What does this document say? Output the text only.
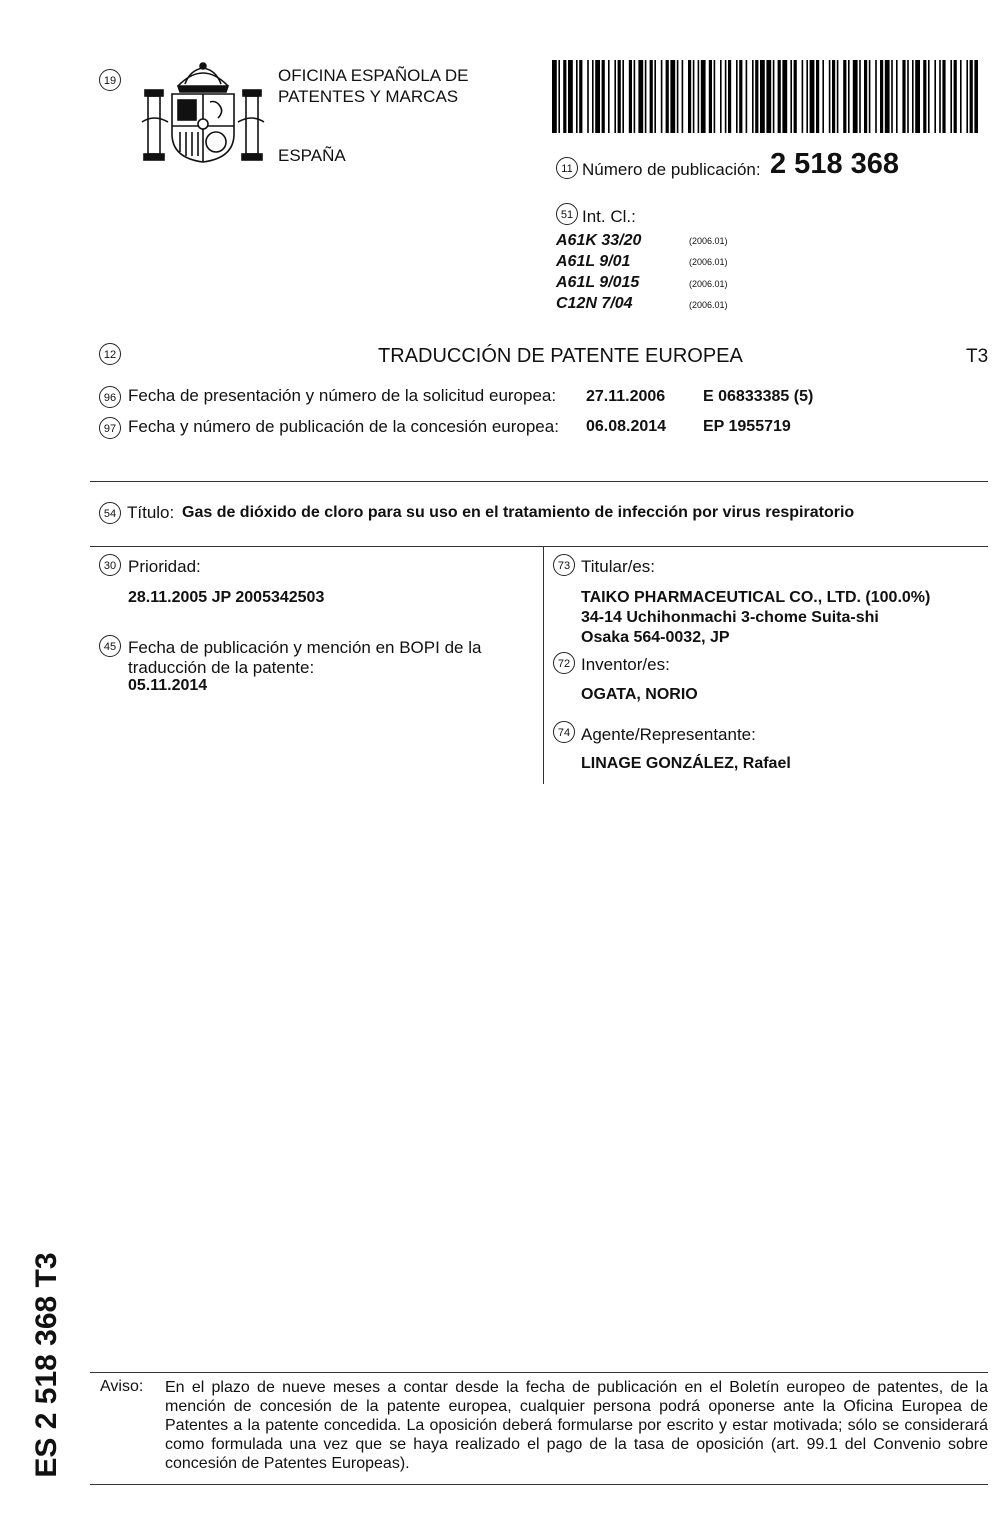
19	OFICINA ESPAÑOLA DE
PATENTES Y MARCAS
ESPAÑA
11 Número de publicación: 2 518 368
51 Int. Cl.:
A61K 33/20	(2006.01)
A61L 9/01	(2006.01)
A61L 9/015	(2006.01)
C12N 7/04	(2006.01)
12	TRADUCCIÓN DE PATENTE EUROPEA	T3
96 Fecha de presentación y número de la solicitud europea: 27.11.2006 E 06833385 (5)
97 Fecha y número de publicación de la concesión europea: 06.08.2014 EP 1955719
54 Título: Gas de dióxido de cloro para su uso en el tratamiento de infección por virus respiratorio
30 Prioridad:
28.11.2005 JP 2005342503
45 Fecha de publicación y mención en BOPI de la
traducción de la patente:
05.11.2014
73 Titular/es:
TAIKO PHARMACEUTICAL CO., LTD. (100.0%)
34-14 Uchihonmachi 3-chome Suita-shi
Osaka 564-0032, JP
72 Inventor/es:
OGATA, NORIO
74 Agente/Representante:
LINAGE GONZÁLEZ, Rafael
ES 2 518 368 T3 Aviso: En el plazo de nueve meses a contar desde la fecha de publicación en el Boletín europeo de patentes, de la mención de concesión de la patente europea, cualquier persona podrá oponerse ante la Oficina Europea de Patentes a la patente concedida. La oposición deberá formularse por escrito y estar motivada; sólo se considerará como formulada una vez que se haya realizado el pago de la tasa de oposición (art. 99.1 del Convenio sobre concesión de Patentes Europeas).
